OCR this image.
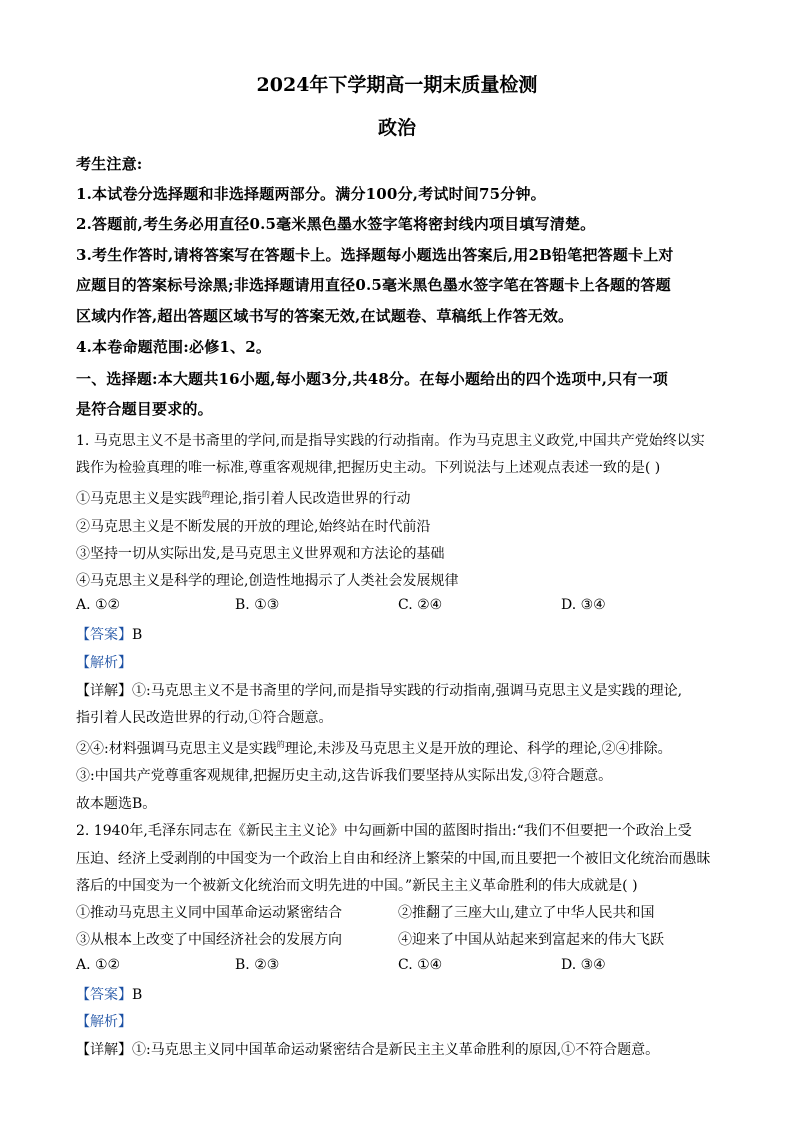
2024年下学期高一期末质量检测
政治
考生注意:
1.本试卷分选择题和非选择题两部分。满分100分,考试时间75分钟。
2.答题前,考生务必用直径0.5毫米黑色墨水签字笔将密封线内项目填写清楚。
3.考生作答时,请将答案写在答题卡上。选择题每小题选出答案后,用2B铅笔把答题卡上对
应题目的答案标号涂黑;非选择题请用直径0.5毫米黑色墨水签字笔在答题卡上各题的答题
区域内作答,超出答题区域书写的答案无效,在试题卷、草稿纸上作答无效。
4.本卷命题范围:必修1、2。
一、选择题:本大题共16小题,每小题3分,共48分。在每小题给出的四个选项中,只有一项
是符合题目要求的。
1. 马克思主义不是书斋里的学问,而是指导实践的行动指南。作为马克思主义政党,中国共产党始终以实
践作为检验真理的唯一标准,尊重客观规律,把握历史主动。下列说法与上述观点表述一致的是( )
①马克思主义是实践$^的$理论,指引着人民改造世界的行动
②马克思主义是不断发展的开放的理论,始终站在时代前沿
③坚持一切从实际出发,是马克思主义世界观和方法论的基础
④马克思主义是科学的理论,创造性地揭示了人类社会发展规律
A. ①②	B. ①③	C. ②④	D. ③④
【答案】B
【解析】
【详解】①:马克思主义不是书斋里的学问,而是指导实践的行动指南,强调马克思主义是实践的理论,
指引着人民改造世界的行动,①符合题意。
②④:材料强调马克思主义是实践$^的$理论,未涉及马克思主义是开放的理论、科学的理论,②④排除。
③:中国共产党尊重客观规律,把握历史主动,这告诉我们要坚持从实际出发,③符合题意。
故本题选B。
2. 1940年,毛泽东同志在《新民主主义论》中勾画新中国的蓝图时指出:“我们不但要把一个政治上受
压迫、经济上受剥削的中国变为一个政治上自由和经济上繁荣的中国,而且要把一个被旧文化统治而愚昧
落后的中国变为一个被新文化统治而文明先进的中国。”新民主主义革命胜利的伟大成就是( )
①推动马克思主义同中国革命运动紧密结合	②推翻了三座大山,建立了中华人民共和国
③从根本上改变了中国经济社会的发展方向	④迎来了中国从站起来到富起来的伟大飞跃
A. ①②	B. ②③	C. ①④	D. ③④
【答案】B
【解析】
【详解】①:马克思主义同中国革命运动紧密结合是新民主主义革命胜利的原因,①不符合题意。
